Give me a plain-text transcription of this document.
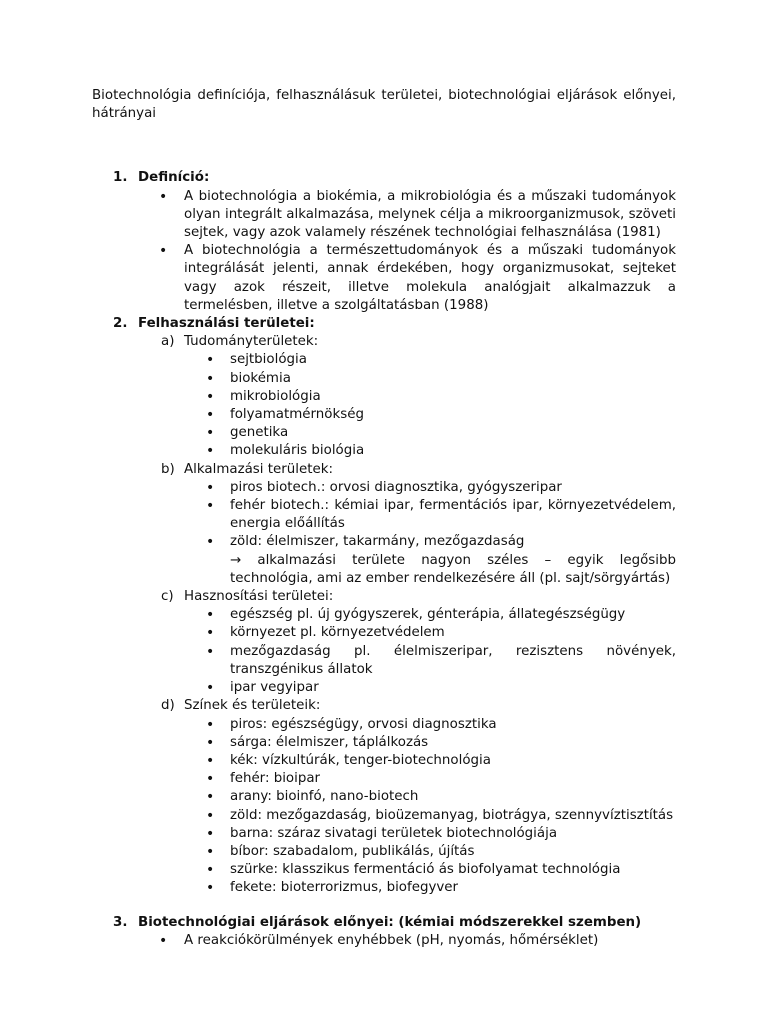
Biotechnológia definíciója, felhasználásuk területei, biotechnológiai eljárások előnyei, hátrányai

1. Definíció:
•
A biotechnológia a biokémia, a mikrobiológia és a műszaki tudományok olyan integrált alkalmazása, melynek célja a mikroorganizmusok, szöveti sejtek, vagy azok valamely részének technológiai felhasználása (1981)
•
A biotechnológia a természettudományok és a műszaki tudományok integrálását jelenti, annak érdekében, hogy organizmusokat, sejteket vagy azok részeit, illetve molekula analógjait alkalmazzuk a termelésben, illetve a szolgáltatásban (1988)
2. Felhasználási területei:
a) Tudományterületek:
•
sejtbiológia
•
biokémia
•
mikrobiológia
•
folyamatmérnökség
•
genetika
•
molekuláris biológia
b) Alkalmazási területek:
•
piros biotech.: orvosi diagnosztika, gyógyszeripar
•
fehér biotech.: kémiai ipar, fermentációs ipar, környezetvédelem, energia előállítás
•
zöld: élelmiszer, takarmány, mezőgazdaság
→ alkalmazási területe nagyon széles – egyik legősibb technológia, ami az ember rendelkezésére áll (pl. sajt/sörgyártás)
c) Hasznosítási területei:
•
egészség pl. új gyógyszerek, génterápia, állategészségügy
•
környezet pl. környezetvédelem
•
mezőgazdaság pl. élelmiszeripar, rezisztens növények, transzgénikus állatok
•
ipar vegyipar
d) Színek és területeik:
•
piros: egészségügy, orvosi diagnosztika
•
sárga: élelmiszer, táplálkozás
•
kék: vízkultúrák, tenger-biotechnológia
•
fehér: bioipar
•
arany: bioinfó, nano-biotech
•
zöld: mezőgazdaság, bioüzemanyag, biotrágya, szennyvíztisztítás
•
barna: száraz sivatagi területek biotechnológiája
•
bíbor: szabadalom, publikálás, újítás
•
szürke: klasszikus fermentáció ás biofolyamat technológia
•
fekete: bioterrorizmus, biofegyver
3. Biotechnológiai eljárások előnyei: (kémiai módszerekkel szemben)
•
A reakciókörülmények enyhébbek (pH, nyomás, hőmérséklet)
